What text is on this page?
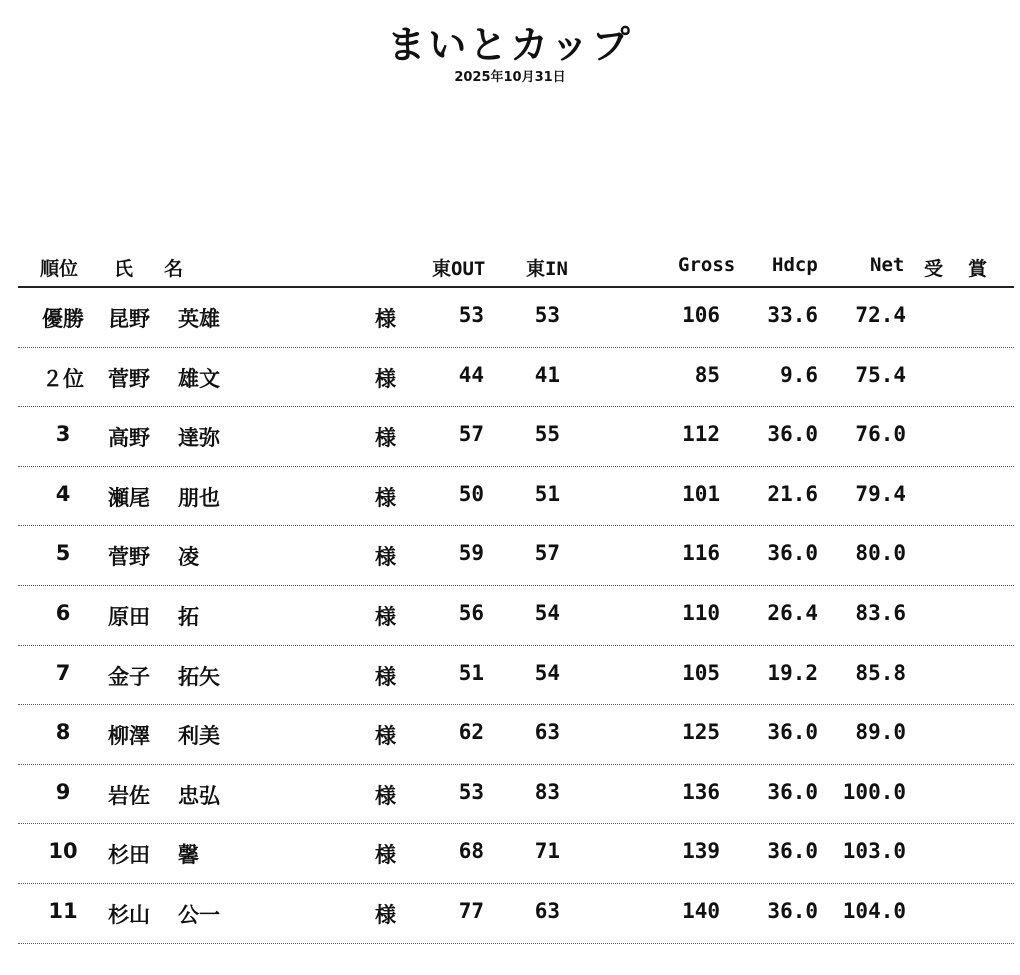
まいとカップ
2025年10月31日
順位 氏 名	東OUT 東IN	Gross Hdcp	Net 受 賞
優勝	昆野 英雄	様	53	53	106	33.6	72.4
２位	菅野 雄文	様	44	41	85	9.6	75.4
3	高野 達弥	様	57	55	112	36.0	76.0
4	瀬尾 朋也	様	50	51	101	21.6	79.4
5	菅野 凌	様	59	57	116	36.0	80.0
6	原田 拓	様	56	54	110	26.4	83.6
7	金子 拓矢	様	51	54	105	19.2	85.8
8	柳澤 利美	様	62	63	125	36.0	89.0
9	岩佐 忠弘	様	53	83	136	36.0	100.0
10	杉田 馨	様	68	71	139	36.0	103.0
11	杉山 公一	様	77	63	140	36.0	104.0
